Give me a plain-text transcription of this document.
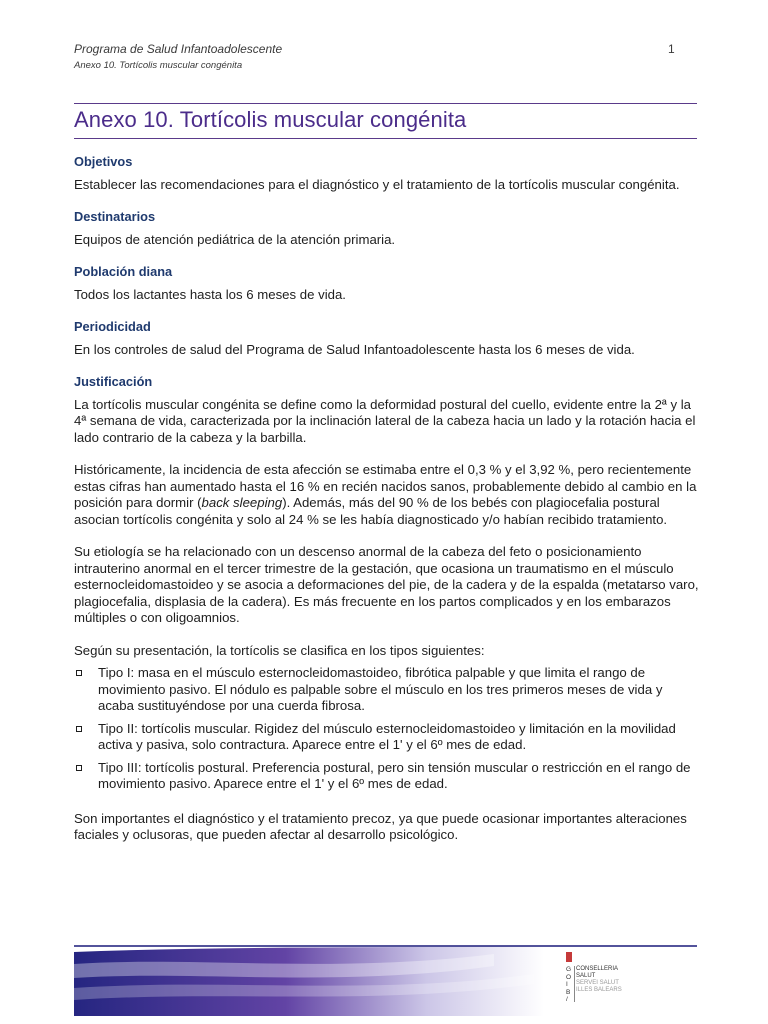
Programa de Salud Infantoadolescente	1
Anexo 10. Tortícolis muscular congénita
Anexo 10. Tortícolis muscular congénita
Objetivos

Establecer las recomendaciones para el diagnóstico y el tratamiento de la tortícolis muscular congénita.

Destinatarios

Equipos de atención pediátrica de la atención primaria.

Población diana

Todos los lactantes hasta los 6 meses de vida.

Periodicidad

En los controles de salud del Programa de Salud Infantoadolescente hasta los 6 meses de vida.

Justificación

La tortícolis muscular congénita se define como la deformidad postural del cuello, evidente entre la 2ª y la 4ª semana de vida, caracterizada por la inclinación lateral de la cabeza hacia un lado y la rotación hacia el lado contrario de la cabeza y la barbilla.

Históricamente, la incidencia de esta afección se estimaba entre el 0,3 % y el 3,92 %, pero recientemente estas cifras han aumentado hasta el 16 % en recién nacidos sanos, probablemente debido al cambio en la posición para dormir (back sleeping). Además, más del 90 % de los bebés con plagiocefalia postural asocian tortícolis congénita y solo al 24 % se les había diagnosticado y/o habían recibido tratamiento.

Su etiología se ha relacionado con un descenso anormal de la cabeza del feto o posicionamiento intrauterino anormal en el tercer trimestre de la gestación, que ocasiona un traumatismo en el músculo esternocleidomastoideo y se asocia a deformaciones del pie, de la cadera y de la espalda (metatarso varo, plagiocefalia, displasia de la cadera). Es más frecuente en los partos complicados y en los embarazos múltiples o con oligoamnios.

Según su presentación, la tortícolis se clasifica en los tipos siguientes:

Tipo I: masa en el músculo esternocleidomastoideo, fibrótica palpable y que limita el rango de movimiento pasivo. El nódulo es palpable sobre el músculo en los tres primeros meses de vida y acaba sustituyéndose por una cuerda fibrosa.
Tipo II: tortícolis muscular. Rigidez del músculo esternocleidomastoideo y limitación en la movilidad activa y pasiva, solo contractura. Aparece entre el 1' y el 6º mes de edad.
Tipo III: tortícolis postural. Preferencia postural, pero sin tensión muscular o restricción en el rango de movimiento pasivo. Aparece entre el 1' y el 6º mes de edad.

Son importantes el diagnóstico y el tratamiento precoz, ya que puede ocasionar importantes alteraciones faciales y oclusoras, que pueden afectar al desarrollo psicológico.

G
O
I
B
/
CONSELLERIA
SALUT
SERVEI SALUT
ILLES BALEARS
